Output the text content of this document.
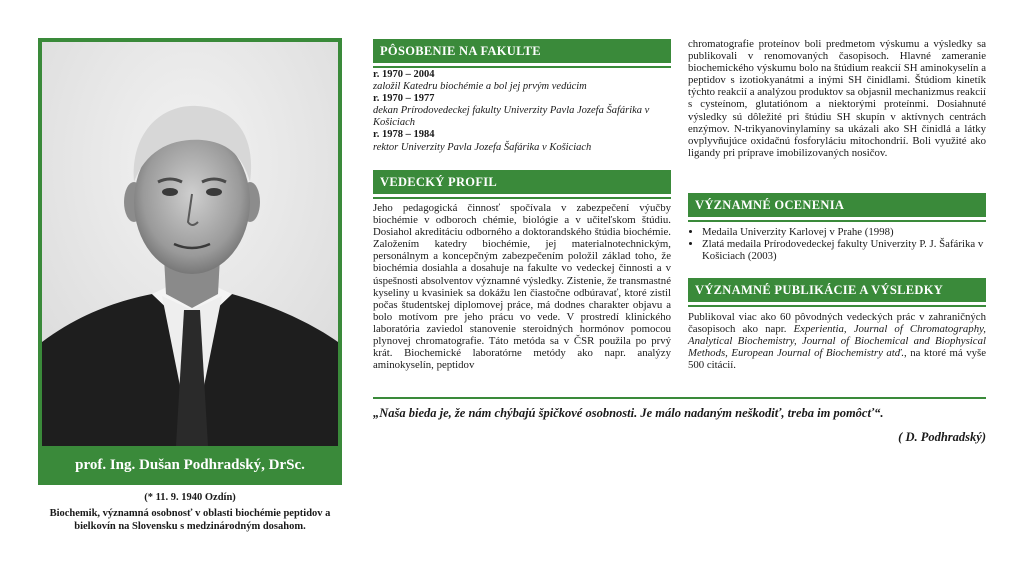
prof. Ing. Dušan Podhradský, DrSc.
(* 11. 9. 1940 Ozdín)
Biochemik, významná osobnosť v oblasti biochémie peptidov a bielkovín na Slovensku s medzinárodným dosahom.
PÔSOBENIE NA FAKULTE
r. 1970 – 2004
založil Katedru biochémie a bol jej prvým vedúcim
r. 1970 – 1977
dekan Prírodovedeckej fakulty Univerzity Pavla Jozefa Šafárika v Košiciach
r. 1978 – 1984
rektor Univerzity Pavla Jozefa Šafárika v Košiciach
VEDECKÝ PROFIL
Jeho pedagogická činnosť spočívala v zabezpečení výučby biochémie v odboroch chémie, biológie a v učiteľskom štúdiu. Dosiahol akreditáciu odborného a doktorandského štúdia biochémie. Založením katedry biochémie, jej materialnotechnickým, personálnym a koncepčným zabezpečením položil základ toho, že biochémia dosiahla a dosahuje na fakulte vo vedeckej činnosti a v úspešnosti absolventov významné výsledky. Zistenie, že transmastné kyseliny u kvasiniek sa dokážu len čiastočne odbúravať, ktoré zistil počas študentskej diplomovej práce, má dodnes charakter objavu a bolo motívom pre jeho prácu vo vede. V prostredí klinického laboratória zaviedol stanovenie steroidných hormónov pomocou plynovej chromatografie. Táto metóda sa v ČSR použila po prvý krát. Biochemické laboratórne metódy ako napr. analýzy aminokyselín, peptidov
chromatografie proteínov boli predmetom výskumu a výsledky sa publikovali v renomovaných časopisoch. Hlavné zameranie biochemického výskumu bolo na štúdium reakcií SH aminokyselín a peptidov s izotiokyanátmi a inými SH činidlami. Štúdiom kinetík týchto reakcií a analýzou produktov sa objasnil mechanizmus reakcií s cysteínom, glutatiónom a niektorými proteínmi. Dosiahnuté výsledky sú dôležité pri štúdiu SH skupín v aktívnych centrách enzýmov. N-trikyanovinylamíny sa ukázali ako SH činidlá a látky ovplyvňujúce oxidačnú fosforyláciu mitochondrií. Boli využité ako ligandy pri príprave imobilizovaných nosičov.
VÝZNAMNÉ OCENENIA
• Medaila Univerzity Karlovej v Prahe (1998)
• Zlatá medaila Prírodovedeckej fakulty Univerzity P. J. Šafárika v Košiciach (2003)
VÝZNAMNÉ PUBLIKÁCIE A VÝSLEDKY
Publikoval viac ako 60 pôvodných vedeckých prác v zahraničných časopisoch ako napr. Experientia, Journal of Chromatography, Analytical Biochemistry, Journal of Biochemical and Biophysical Methods, European Journal of Biochemistry atď., na ktoré má vyše 500 citácií.
„Naša bieda je, že nám chýbajú špičkové osobnosti. Je málo nadaným neškodiť, treba im pomôcť“.
( D. Podhradský)
